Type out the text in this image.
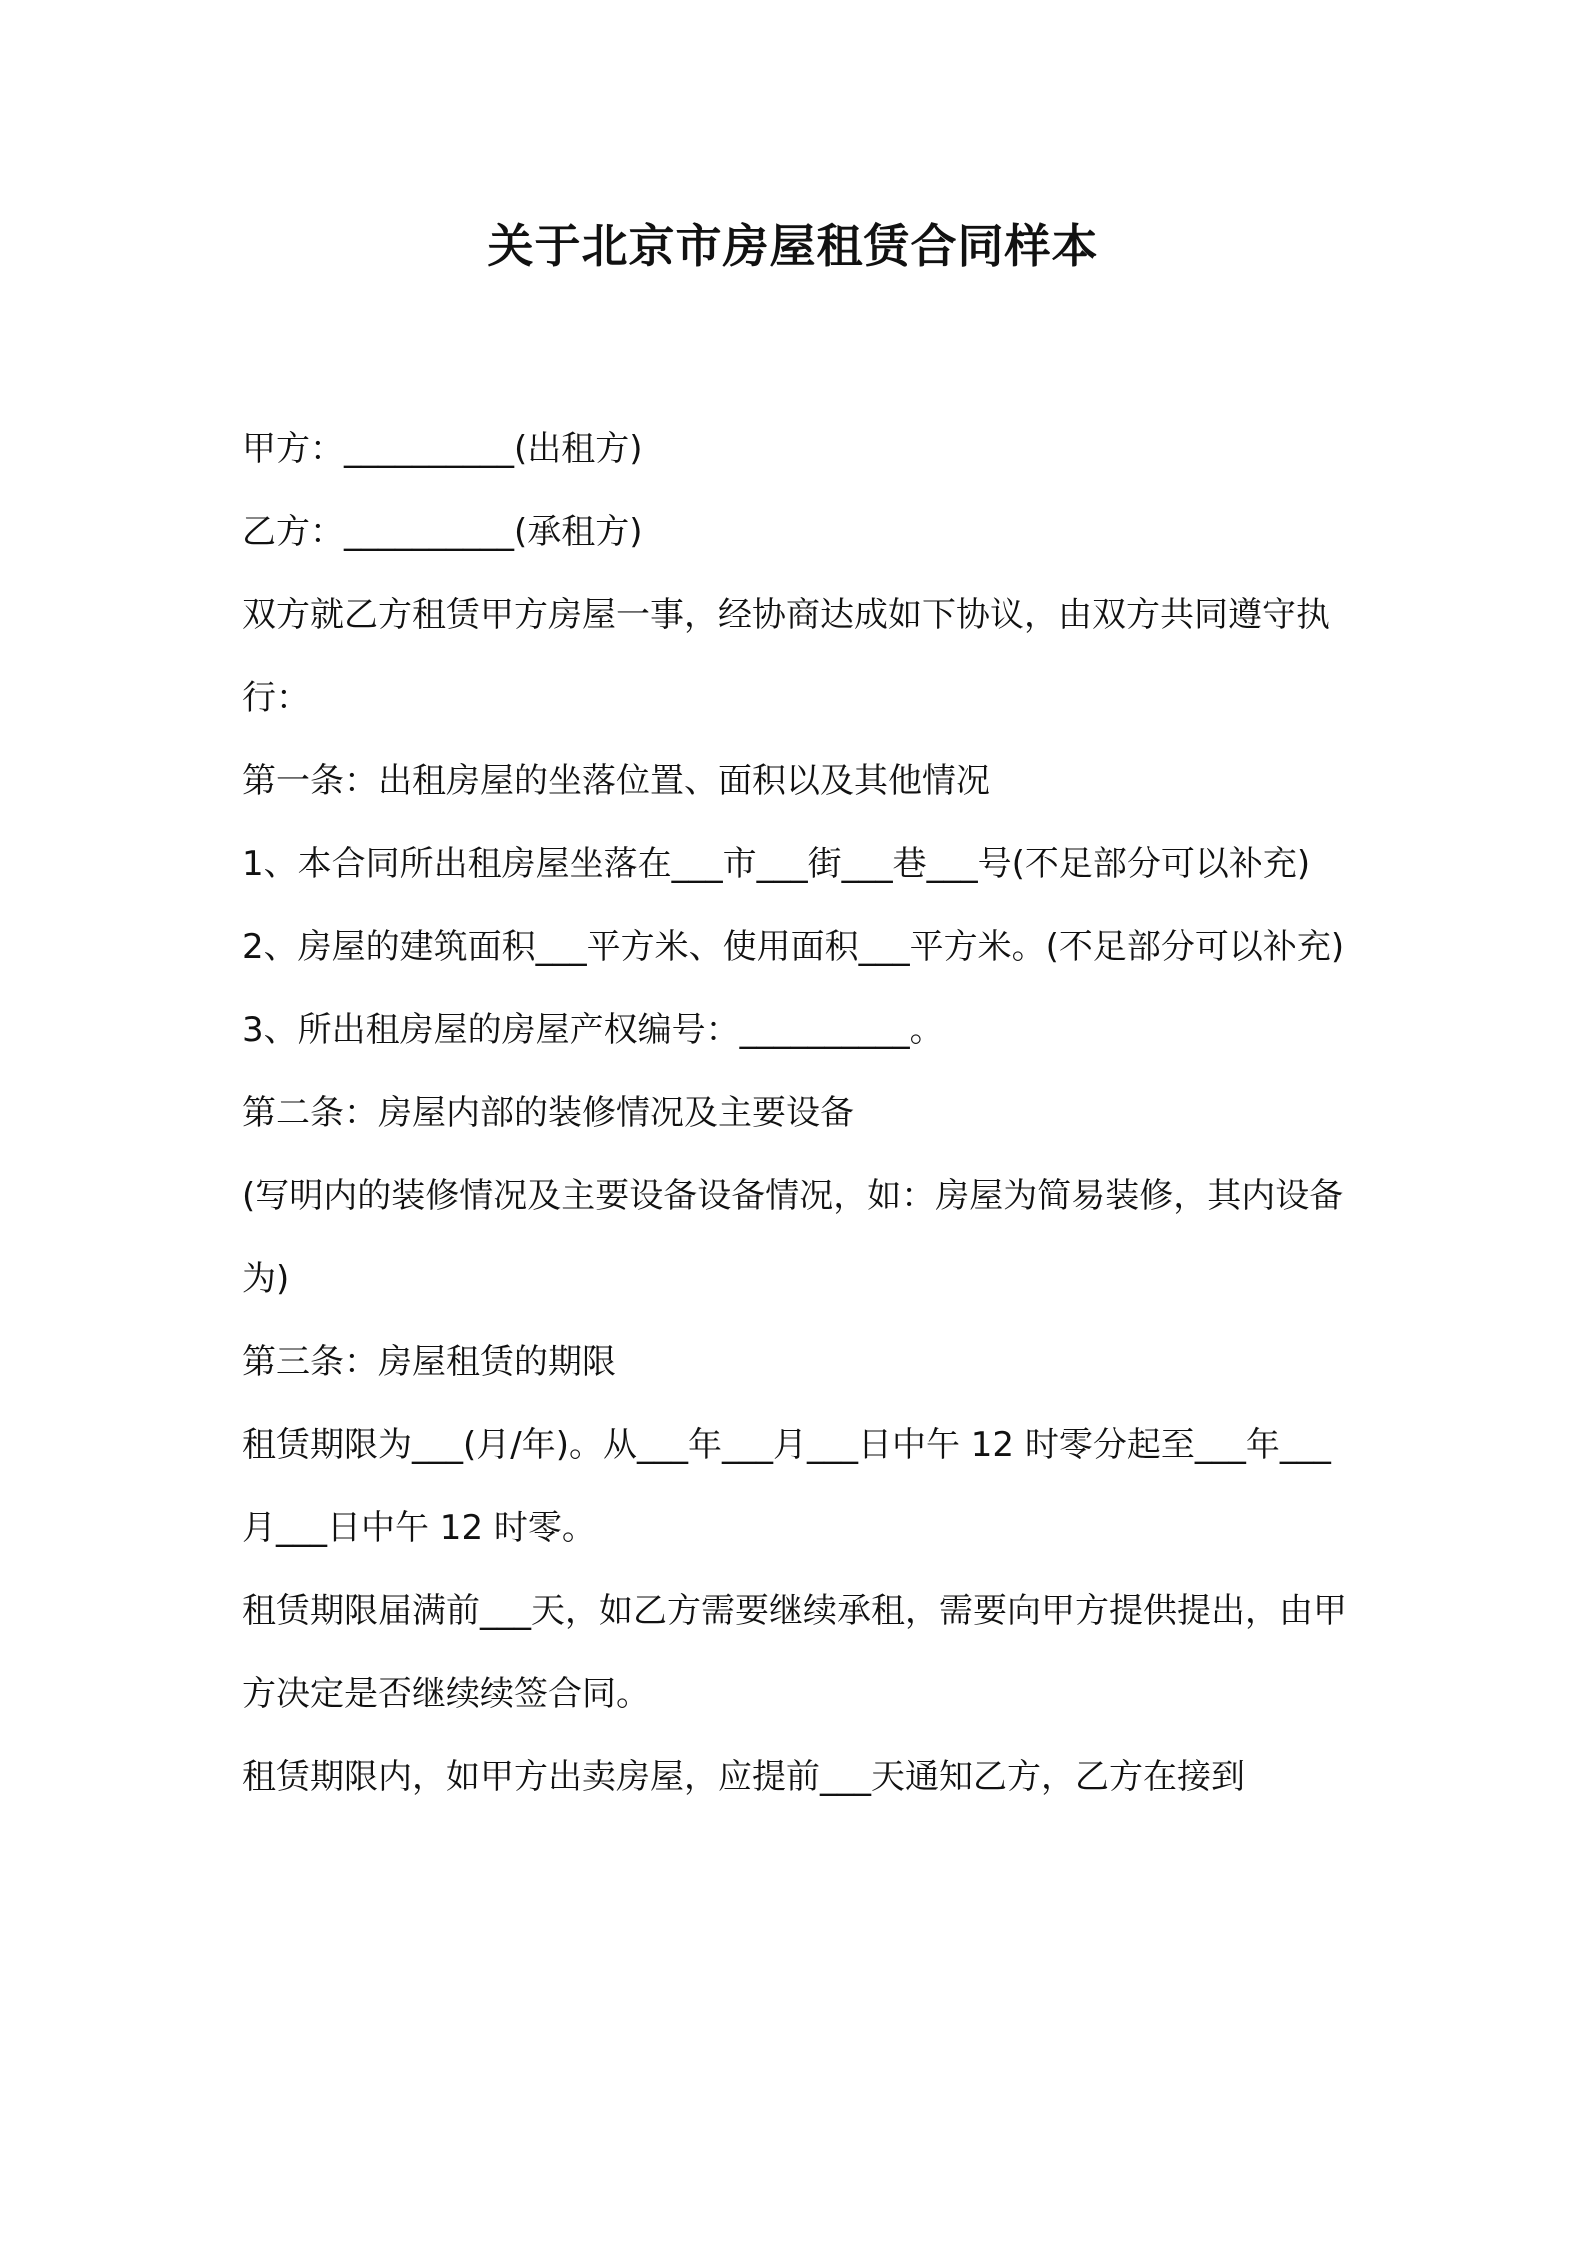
关于北京市房屋租赁合同样本

甲方：__________(出租方)

乙方：__________(承租方)

双方就乙方租赁甲方房屋一事，经协商达成如下协议，由双方共同遵守执行：

第一条：出租房屋的坐落位置、面积以及其他情况

1、本合同所出租房屋坐落在___市___街___巷___号(不足部分可以补充)

2、房屋的建筑面积___平方米、使用面积___平方米。(不足部分可以补充)

3、所出租房屋的房屋产权编号：__________。

第二条：房屋内部的装修情况及主要设备

(写明内的装修情况及主要设备设备情况，如：房屋为简易装修，其内设备为)

第三条：房屋租赁的期限

租赁期限为___(月/年)。从___年___月___日中午 12 时零分起至___年___月___日中午 12 时零。

租赁期限届满前___天，如乙方需要继续承租，需要向甲方提供提出，由甲方决定是否继续续签合同。

租赁期限内，如甲方出卖房屋，应提前___天通知乙方，乙方在接到
